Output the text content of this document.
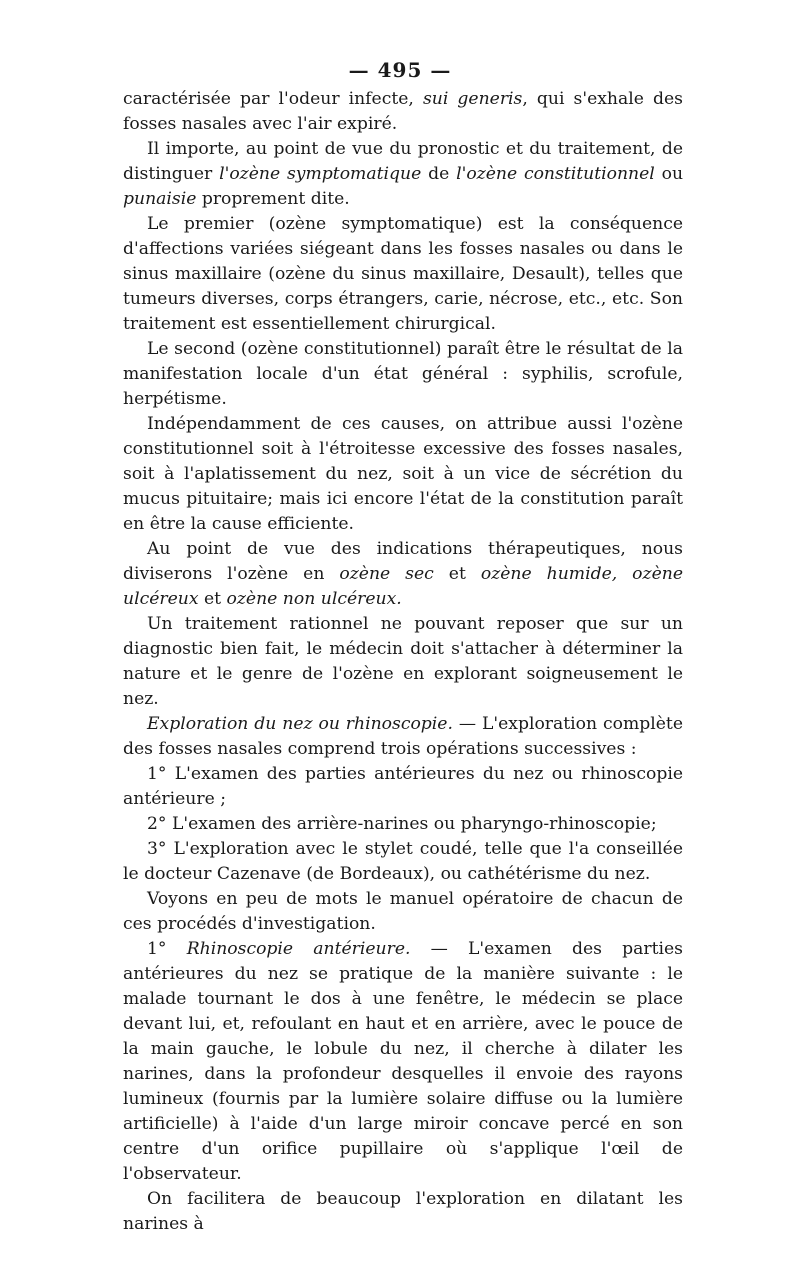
— 495 —

caractérisée par l'odeur infecte, sui generis, qui s'exhale des fosses nasales avec l'air expiré.

Il importe, au point de vue du pronostic et du traitement, de distinguer l'ozène symptomatique de l'ozène constitutionnel ou punaisie proprement dite.

Le premier (ozène symptomatique) est la conséquence d'affections variées siégeant dans les fosses nasales ou dans le sinus maxillaire (ozène du sinus maxillaire, Desault), telles que tumeurs diverses, corps étrangers, carie, nécrose, etc., etc. Son traitement est essentiellement chirurgical.

Le second (ozène constitutionnel) paraît être le résultat de la manifestation locale d'un état général : syphilis, scrofule, herpétisme.

Indépendamment de ces causes, on attribue aussi l'ozène constitutionnel soit à l'étroitesse excessive des fosses nasales, soit à l'aplatissement du nez, soit à un vice de sécrétion du mucus pituitaire; mais ici encore l'état de la constitution paraît en être la cause efficiente.

Au point de vue des indications thérapeutiques, nous diviserons l'ozène en ozène sec et ozène humide, ozène ulcéreux et ozène non ulcéreux.

Un traitement rationnel ne pouvant reposer que sur un diagnostic bien fait, le médecin doit s'attacher à déterminer la nature et le genre de l'ozène en explorant soigneusement le nez.

Exploration du nez ou rhinoscopie. — L'exploration complète des fosses nasales comprend trois opérations successives :

1° L'examen des parties antérieures du nez ou rhinoscopie antérieure ;

2° L'examen des arrière-narines ou pharyngo-rhinoscopie;

3° L'exploration avec le stylet coudé, telle que l'a conseillée le docteur Cazenave (de Bordeaux), ou cathétérisme du nez.

Voyons en peu de mots le manuel opératoire de chacun de ces procédés d'investigation.

1° Rhinoscopie antérieure. — L'examen des parties antérieures du nez se pratique de la manière suivante : le malade tournant le dos à une fenêtre, le médecin se place devant lui, et, refoulant en haut et en arrière, avec le pouce de la main gauche, le lobule du nez, il cherche à dilater les narines, dans la profondeur desquelles il envoie des rayons lumineux (fournis par la lumière solaire diffuse ou la lumière artificielle) à l'aide d'un large miroir concave percé en son centre d'un orifice pupillaire où s'applique l'œil de l'observateur.

On facilitera de beaucoup l'exploration en dilatant les narines à
